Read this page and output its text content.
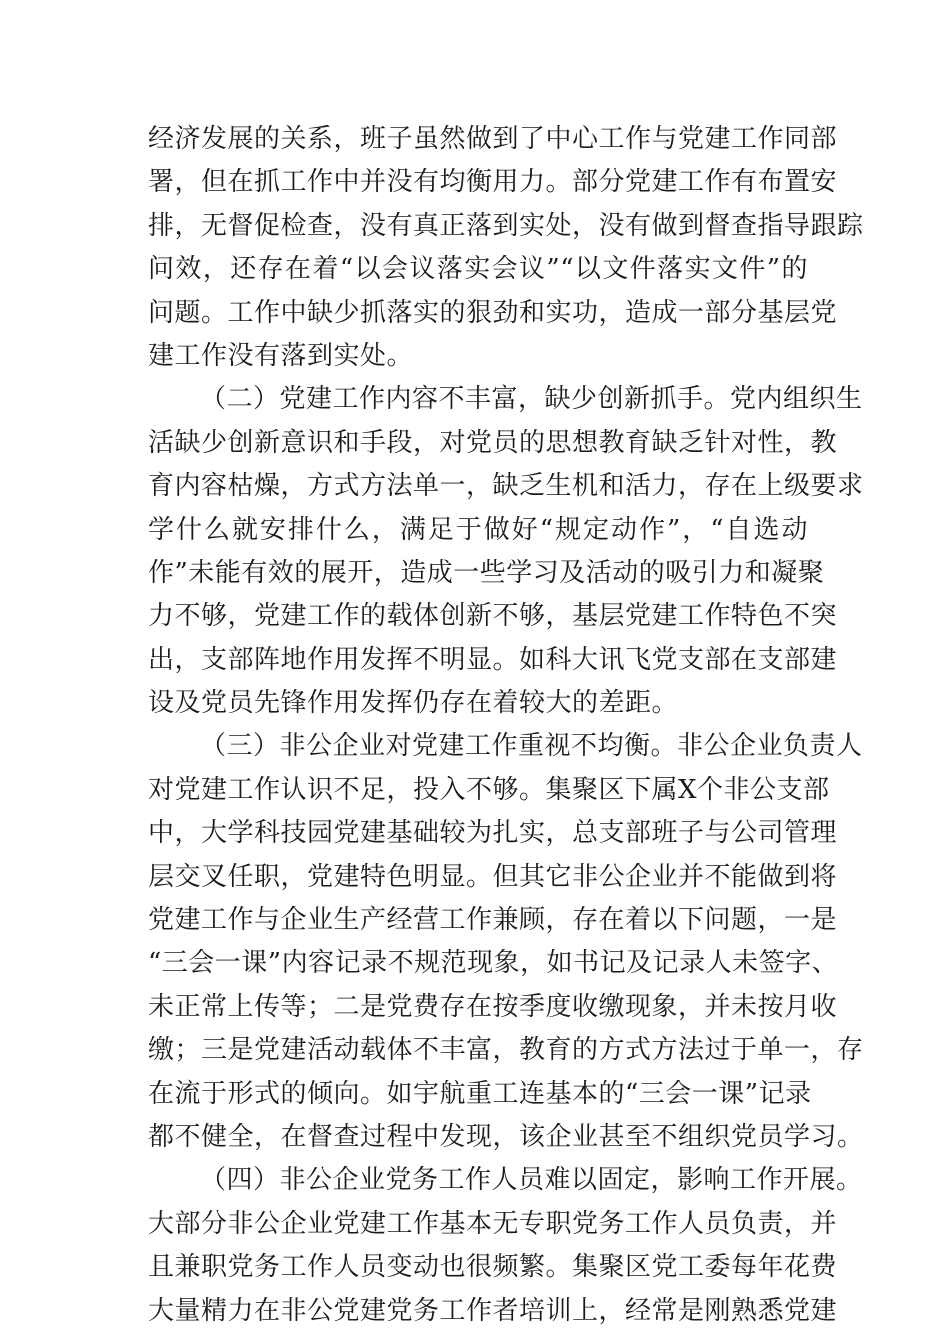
经济发展的关系，班子虽然做到了中心工作与党建工作同部
署，但在抓工作中并没有均衡用力。部分党建工作有布置安
排，无督促检查，没有真正落到实处，没有做到督查指导跟踪
问效，还存在着“以会议落实会议”“以文件落实文件”的
问题。工作中缺少抓落实的狠劲和实功，造成一部分基层党
建工作没有落到实处。
（二）党建工作内容不丰富，缺少创新抓手。党内组织生
活缺少创新意识和手段，对党员的思想教育缺乏针对性，教
育内容枯燥，方式方法单一，缺乏生机和活力，存在上级要求
学什么就安排什么，满足于做好“规定动作”，“自选动
作”未能有效的展开，造成一些学习及活动的吸引力和凝聚
力不够，党建工作的载体创新不够，基层党建工作特色不突
出，支部阵地作用发挥不明显。如科大讯飞党支部在支部建
设及党员先锋作用发挥仍存在着较大的差距。
（三）非公企业对党建工作重视不均衡。非公企业负责人
对党建工作认识不足，投入不够。集聚区下属X个非公支部
中，大学科技园党建基础较为扎实，总支部班子与公司管理
层交叉任职，党建特色明显。但其它非公企业并不能做到将
党建工作与企业生产经营工作兼顾，存在着以下问题，一是
“三会一课”内容记录不规范现象，如书记及记录人未签字、
未正常上传等；二是党费存在按季度收缴现象，并未按月收
缴；三是党建活动载体不丰富，教育的方式方法过于单一，存
在流于形式的倾向。如宇航重工连基本的“三会一课”记录
都不健全，在督查过程中发现，该企业甚至不组织党员学习。
（四）非公企业党务工作人员难以固定，影响工作开展。
大部分非公企业党建工作基本无专职党务工作人员负责，并
且兼职党务工作人员变动也很频繁。集聚区党工委每年花费
大量精力在非公党建党务工作者培训上，经常是刚熟悉党建
